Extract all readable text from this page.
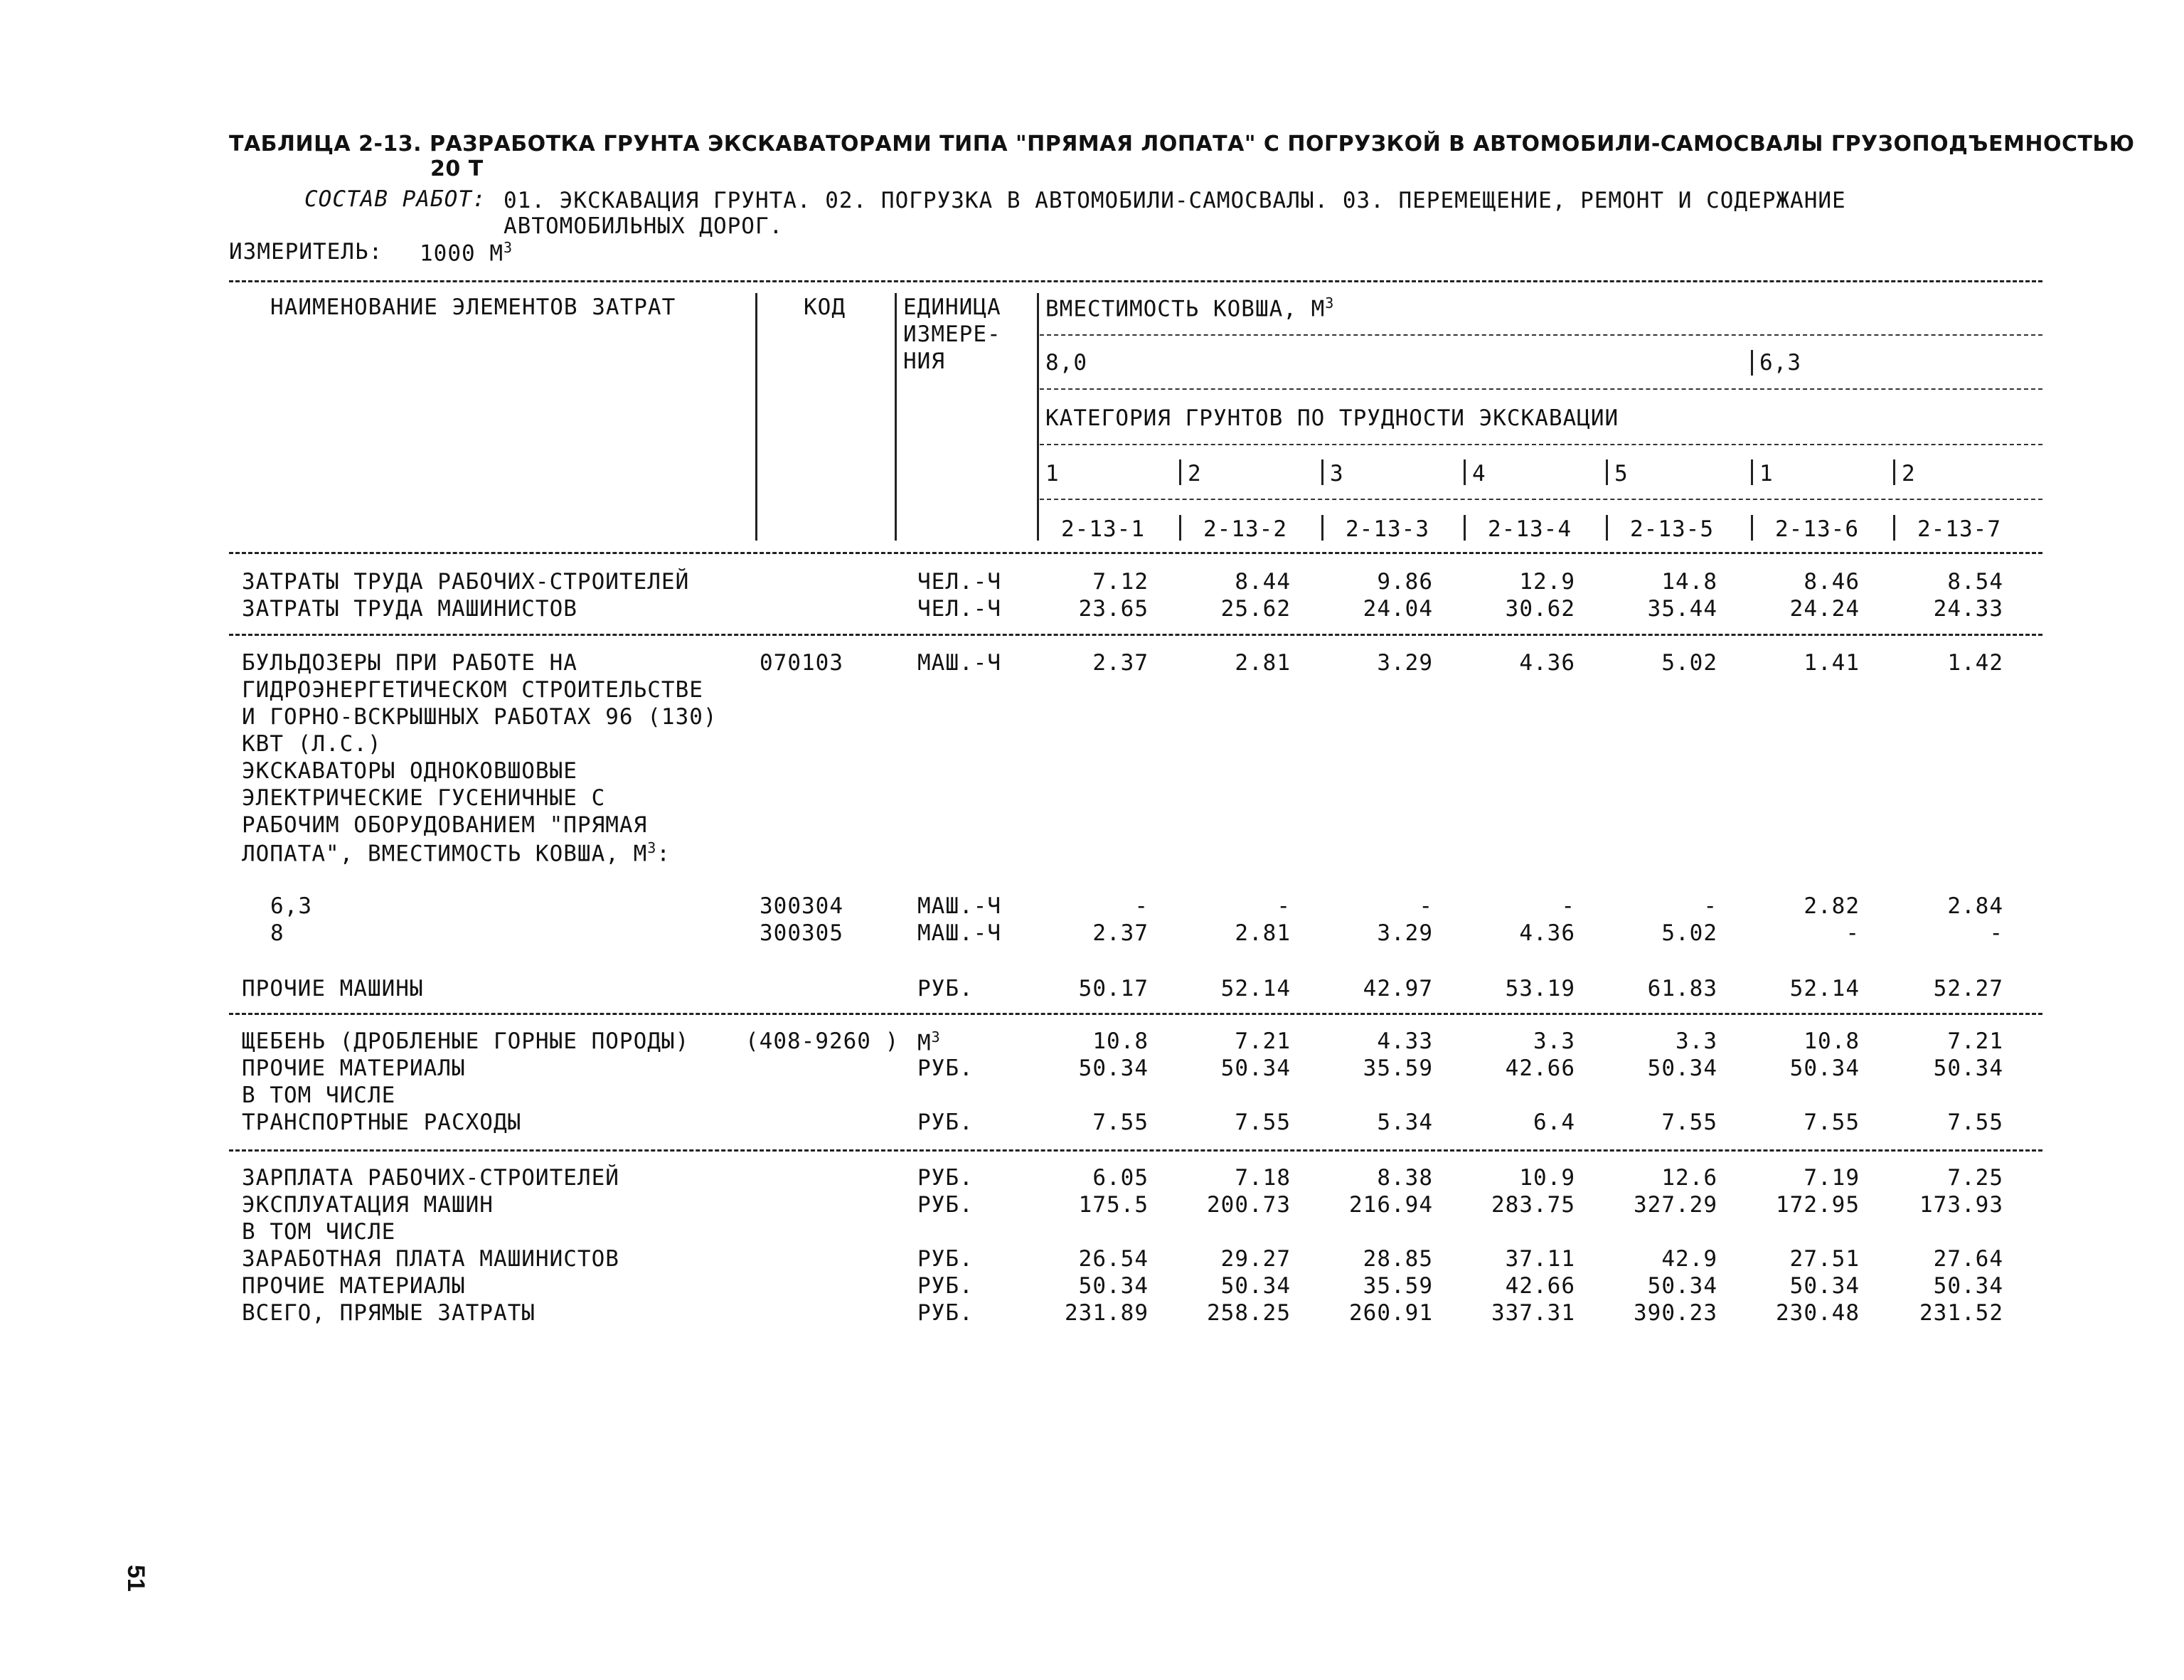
ТАБЛИЦА 2-13. РАЗРАБОТКА ГРУНТА ЭКСКАВАТОРАМИ ТИПА "ПРЯМАЯ ЛОПАТА" С ПОГРУЗКОЙ В АВТОМОБИЛИ-САМОСВАЛЫ ГРУЗОПОДЪЕМНОСТЬЮ
20 Т
СОСТАВ РАБОТ: 01. ЭКСКАВАЦИЯ ГРУНТА. 02. ПОГРУЗКА В АВТОМОБИЛИ-САМОСВАЛЫ. 03. ПЕРЕМЕЩЕНИЕ, РЕМОНТ И СОДЕРЖАНИЕ
АВТОМОБИЛЬНЫХ ДОРОГ.
ИЗМЕРИТЕЛЬ: 1000 $М^3$
НАИМЕНОВАНИЕ ЭЛЕМЕНТОВ ЗАТРАТ	КОД	ЕДИНИЦА
ИЗМЕРЕ-
НИЯ
ВМЕСТИМОСТЬ КОВША, $М^3$
8,0	6,3
КАТЕГОРИЯ ГРУНТОВ ПО ТРУДНОСТИ ЭКСКАВАЦИИ
1	2	3	4	5	1	2
2-13-1	2-13-2	2-13-3	2-13-4	2-13-5	2-13-6	2-13-7
ЗАТРАТЫ ТРУДА РАБОЧИХ-СТРОИТЕЛЕЙ	ЧЕЛ.-Ч	7.12	8.44	9.86	12.9	14.8	8.46	8.54
ЗАТРАТЫ ТРУДА МАШИНИСТОВ	ЧЕЛ.-Ч	23.65	25.62	24.04	30.62	35.44	24.24	24.33
БУЛЬДОЗЕРЫ ПРИ РАБОТЕ НА	070103	МАШ.-Ч	2.37	2.81	3.29	4.36	5.02	1.41	1.42
ГИДРОЭНЕРГЕТИЧЕСКОМ СТРОИТЕЛЬСТВЕ
И ГОРНО-ВСКРЫШНЫХ РАБОТАХ 96 (130)
КВТ (Л.С.)
ЭКСКАВАТОРЫ ОДНОКОВШОВЫЕ
ЭЛЕКТРИЧЕСКИЕ ГУСЕНИЧНЫЕ С
РАБОЧИМ ОБОРУДОВАНИЕМ "ПРЯМАЯ
ЛОПАТА", ВМЕСТИМОСТЬ КОВША, $М^3$:
6,3	300304	МАШ.-Ч	-	-	-	-	-	2.82	2.84
8	300305	МАШ.-Ч	2.37	2.81	3.29	4.36	5.02	-	-
ПРОЧИЕ МАШИНЫ	РУБ.	50.17	52.14	42.97	53.19	61.83	52.14	52.27
ЩЕБЕНЬ (ДРОБЛЕНЫЕ ГОРНЫЕ ПОРОДЫ)	(408-9260 ) $М^3$	10.8	7.21	4.33	3.3	3.3	10.8	7.21
ПРОЧИЕ МАТЕРИАЛЫ	РУБ.	50.34	50.34	35.59	42.66	50.34	50.34	50.34
В ТОМ ЧИСЛЕ
ТРАНСПОРТНЫЕ РАСХОДЫ	РУБ.	7.55	7.55	5.34	6.4	7.55	7.55	7.55
ЗАРПЛАТА РАБОЧИХ-СТРОИТЕЛЕЙ	РУБ.	6.05	7.18	8.38	10.9	12.6	7.19	7.25
ЭКСПЛУАТАЦИЯ МАШИН	РУБ.	175.5	200.73	216.94	283.75	327.29	172.95	173.93
В ТОМ ЧИСЛЕ
ЗАРАБОТНАЯ ПЛАТА МАШИНИСТОВ	РУБ.	26.54	29.27	28.85	37.11	42.9	27.51	27.64
ПРОЧИЕ МАТЕРИАЛЫ	РУБ.	50.34	50.34	35.59	42.66	50.34	50.34	50.34
ВСЕГО, ПРЯМЫЕ ЗАТРАТЫ	РУБ.	231.89	258.25	260.91	337.31	390.23	230.48	231.52
51
